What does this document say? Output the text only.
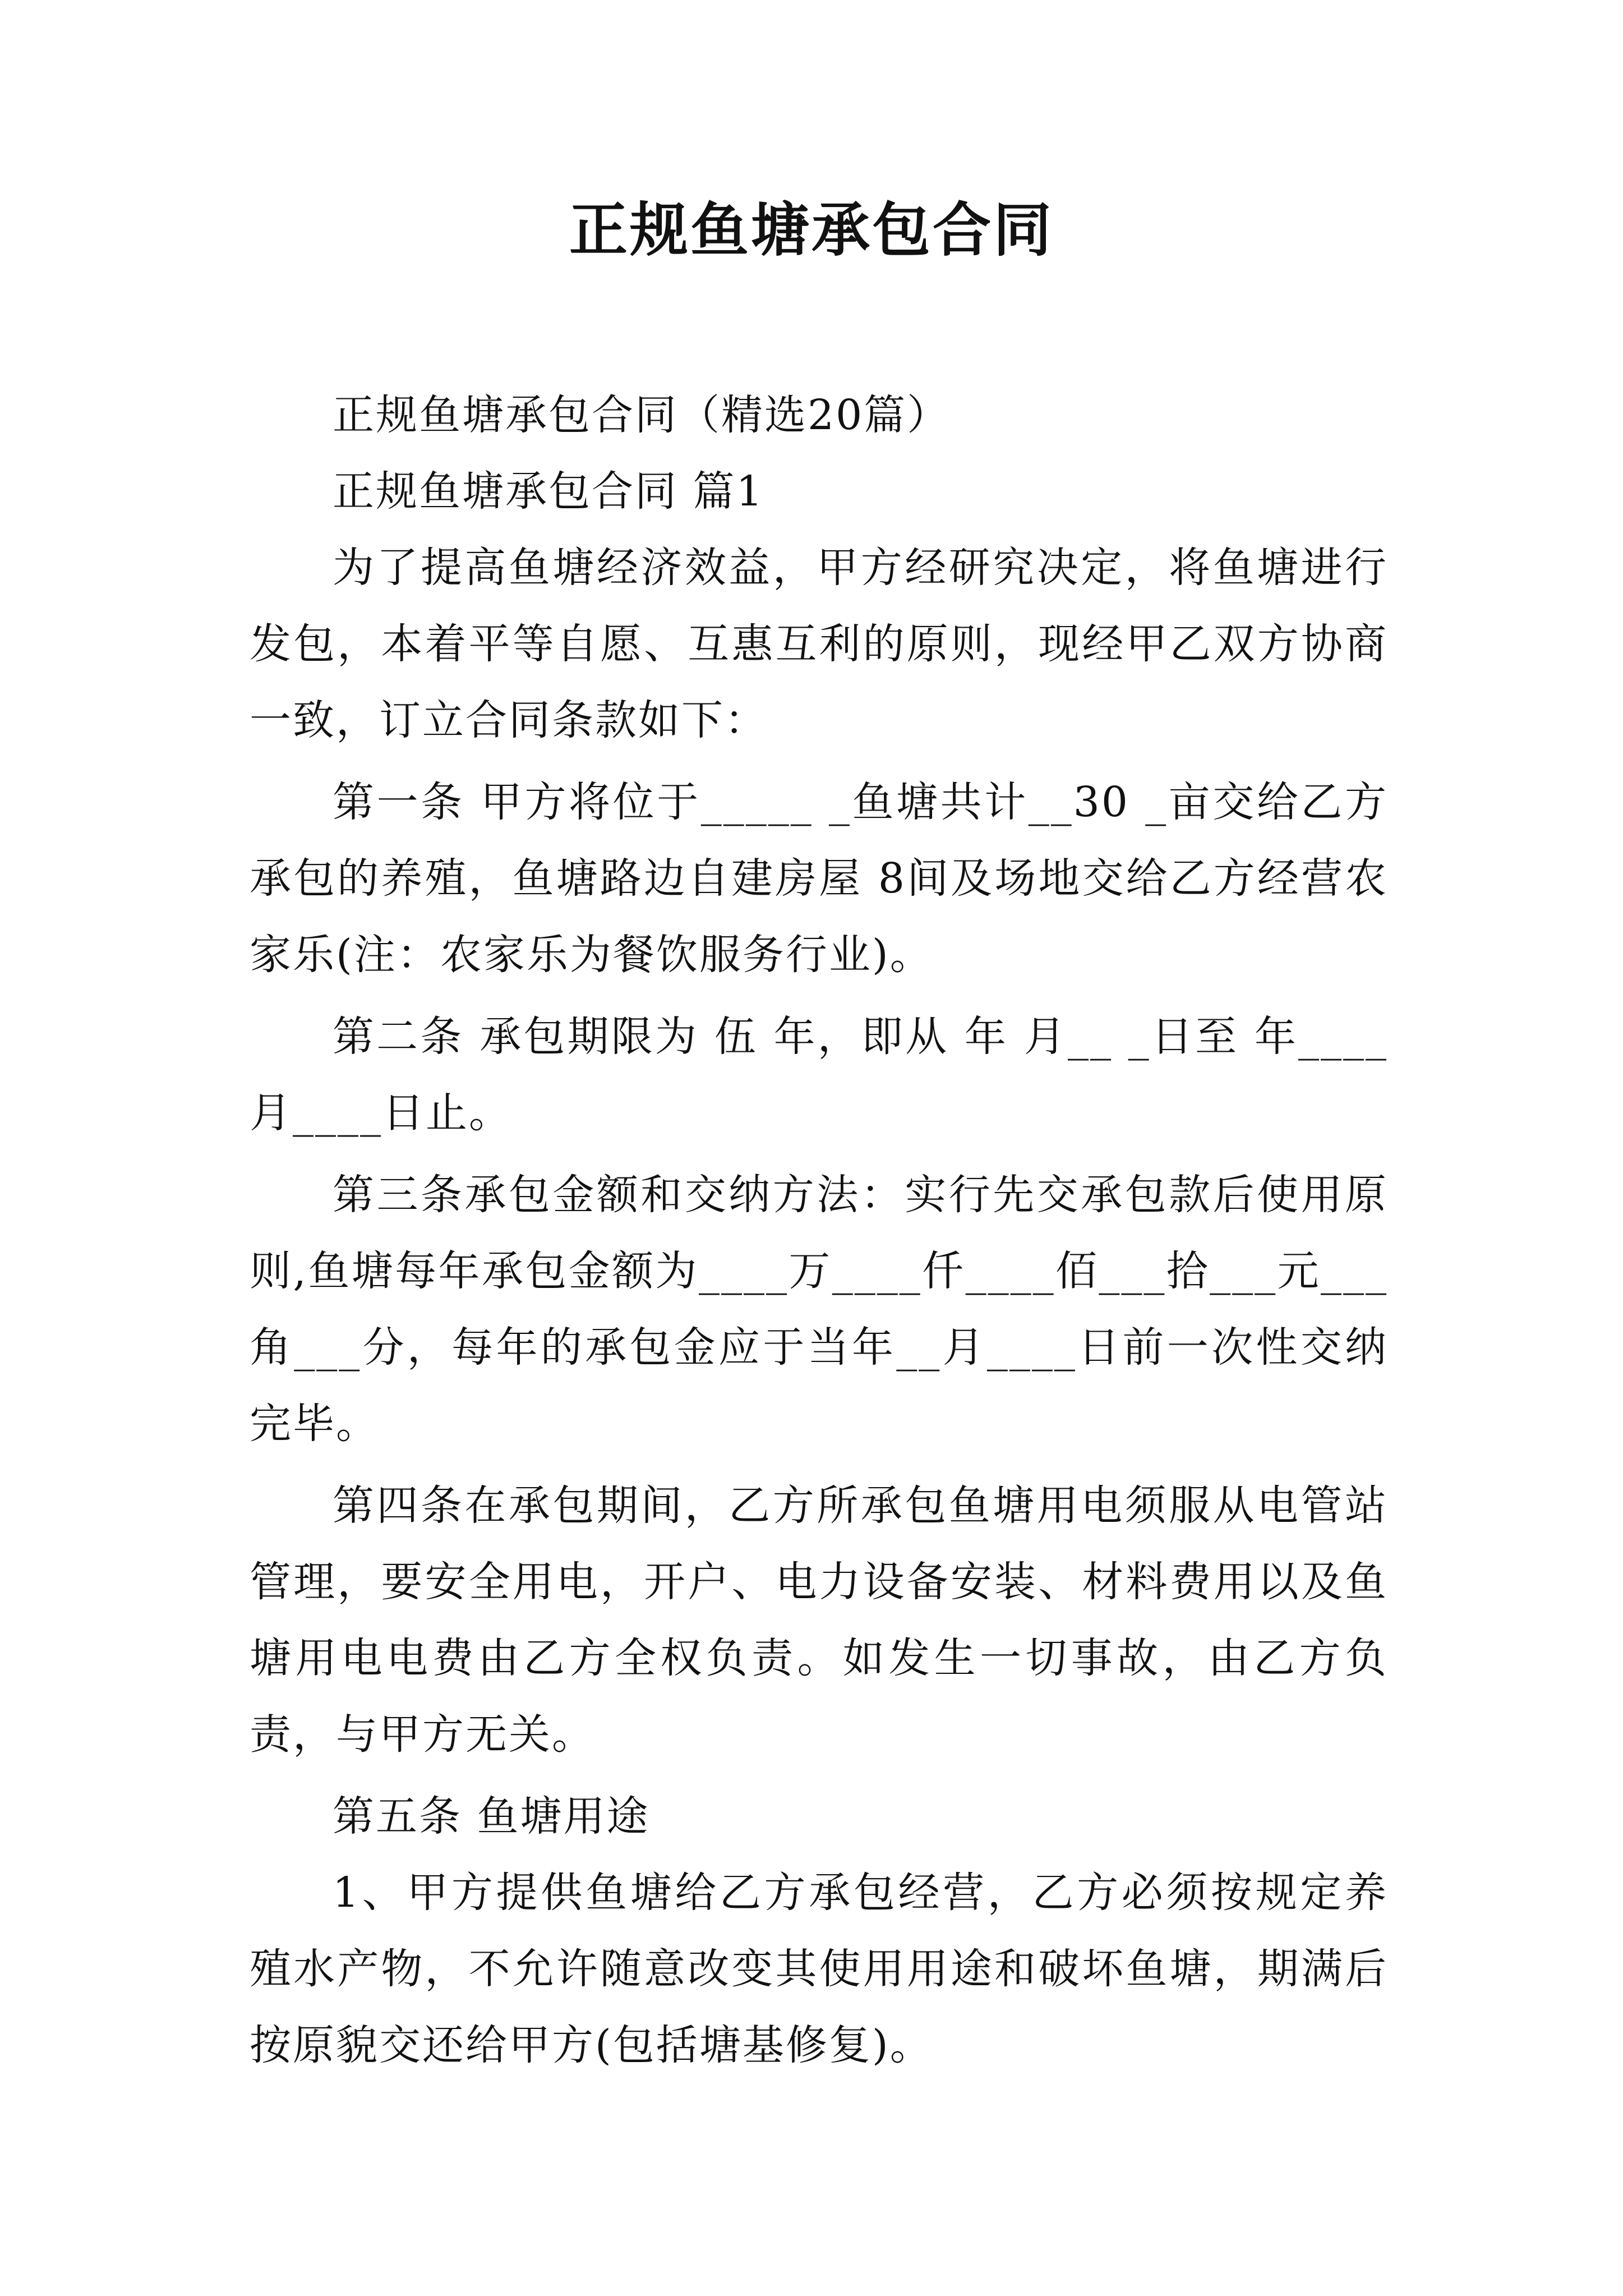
正规鱼塘承包合同

正规鱼塘承包合同（精选20篇）

正规鱼塘承包合同 篇1

为了提高鱼塘经济效益，甲方经研究决定，将鱼塘进行发包，本着平等自愿、互惠互利的原则，现经甲乙双方协商一致，订立合同条款如下：

第一条 甲方将位于_____ _鱼塘共计__30 _亩交给乙方承包的养殖，鱼塘路边自建房屋 8间及场地交给乙方经营农家乐(注：农家乐为餐饮服务行业)。

第二条 承包期限为 伍 年，即从 年 月__ _日至 年____月____日止。

第三条承包金额和交纳方法：实行先交承包款后使用原则,鱼塘每年承包金额为____万____仟____佰___拾___元___角___分，每年的承包金应于当年__月____日前一次性交纳完毕。

第四条在承包期间，乙方所承包鱼塘用电须服从电管站管理，要安全用电，开户、电力设备安装、材料费用以及鱼塘用电电费由乙方全权负责。如发生一切事故，由乙方负责，与甲方无关。

第五条 鱼塘用途

1、甲方提供鱼塘给乙方承包经营，乙方必须按规定养殖水产物，不允许随意改变其使用用途和破坏鱼塘，期满后按原貌交还给甲方(包括塘基修复)。
